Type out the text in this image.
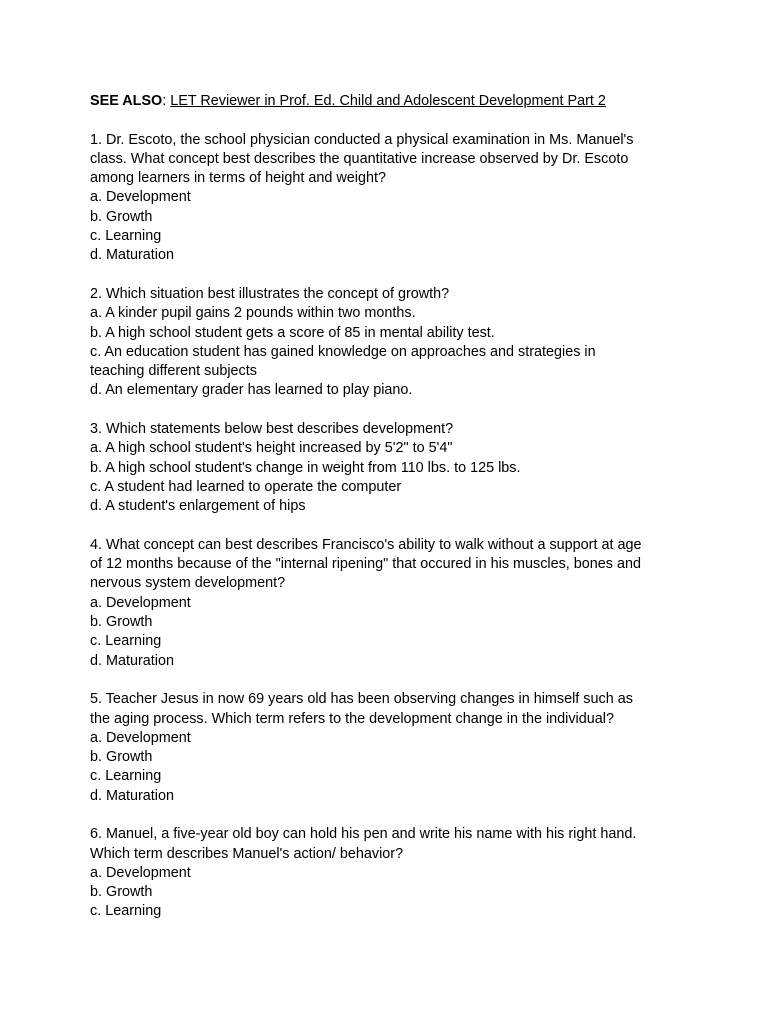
SEE ALSO: LET Reviewer in Prof. Ed. Child and Adolescent Development Part 2
1. Dr. Escoto, the school physician conducted a physical examination in Ms. Manuel's
class. What concept best describes the quantitative increase observed by Dr. Escoto
among learners in terms of height and weight?
a. Development
b. Growth
c. Learning
d. Maturation
2. Which situation best illustrates the concept of growth?
a. A kinder pupil gains 2 pounds within two months.
b. A high school student gets a score of 85 in mental ability test.
c. An education student has gained knowledge on approaches and strategies in
teaching different subjects
d. An elementary grader has learned to play piano.
3. Which statements below best describes development?
a. A high school student's height increased by 5'2" to 5'4"
b. A high school student's change in weight from 110 lbs. to 125 lbs.
c. A student had learned to operate the computer
d. A student's enlargement of hips
4. What concept can best describes Francisco's ability to walk without a support at age
of 12 months because of the "internal ripening" that occured in his muscles, bones and
nervous system development?
a. Development
b. Growth
c. Learning
d. Maturation
5. Teacher Jesus in now 69 years old has been observing changes in himself such as
the aging process. Which term refers to the development change in the individual?
a. Development
b. Growth
c. Learning
d. Maturation
6. Manuel, a five-year old boy can hold his pen and write his name with his right hand.
Which term describes Manuel's action/ behavior?
a. Development
b. Growth
c. Learning
